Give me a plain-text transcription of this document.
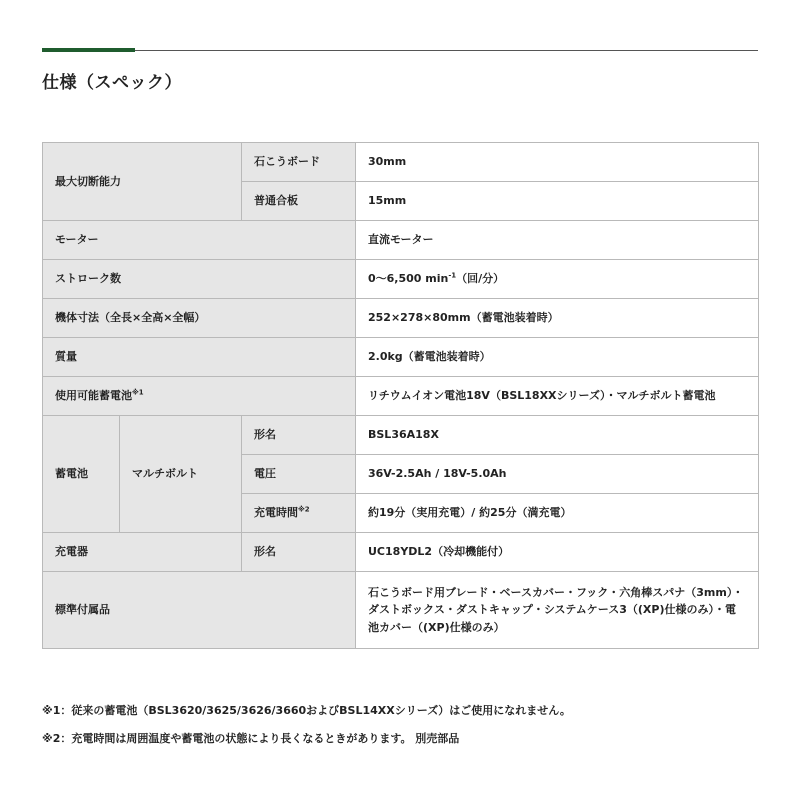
仕様（スペック）
最大切断能力		石こうボード	30mm
		普通合板	15mm
モーター			直流モーター
ストローク数			0～6,500 $\min^{-1}$（回/分）
機体寸法（全長×全高×全幅）			252×278×80mm（蓄電池装着時）
質量			2.0kg（蓄電池装着時）
使用可能蓄電池$^{※1}$			リチウムイオン電池18V（BSL18XXシリーズ）・マルチボルト蓄電池
蓄電池	マルチボルト	形名	BSL36A18X
		電圧	36V-2.5Ah / 18V-5.0Ah
		充電時間$^{※2}$	約19分（実用充電）/ 約25分（満充電）
充電器		形名	UC18YDL2（冷却機能付）
標準付属品			石こうボード用ブレード・ベースカバー・フック・六角棒スパナ（3mm）・ダストボックス・ダストキャップ・システムケース3（(XP)仕様のみ）・電池カバー（(XP)仕様のみ）
※1：従来の蓄電池（BSL3620/3625/3626/3660およびBSL14XXシリーズ）はご使用になれません。
※2：充電時間は周囲温度や蓄電池の状態により長くなるときがあります。 別売部品
